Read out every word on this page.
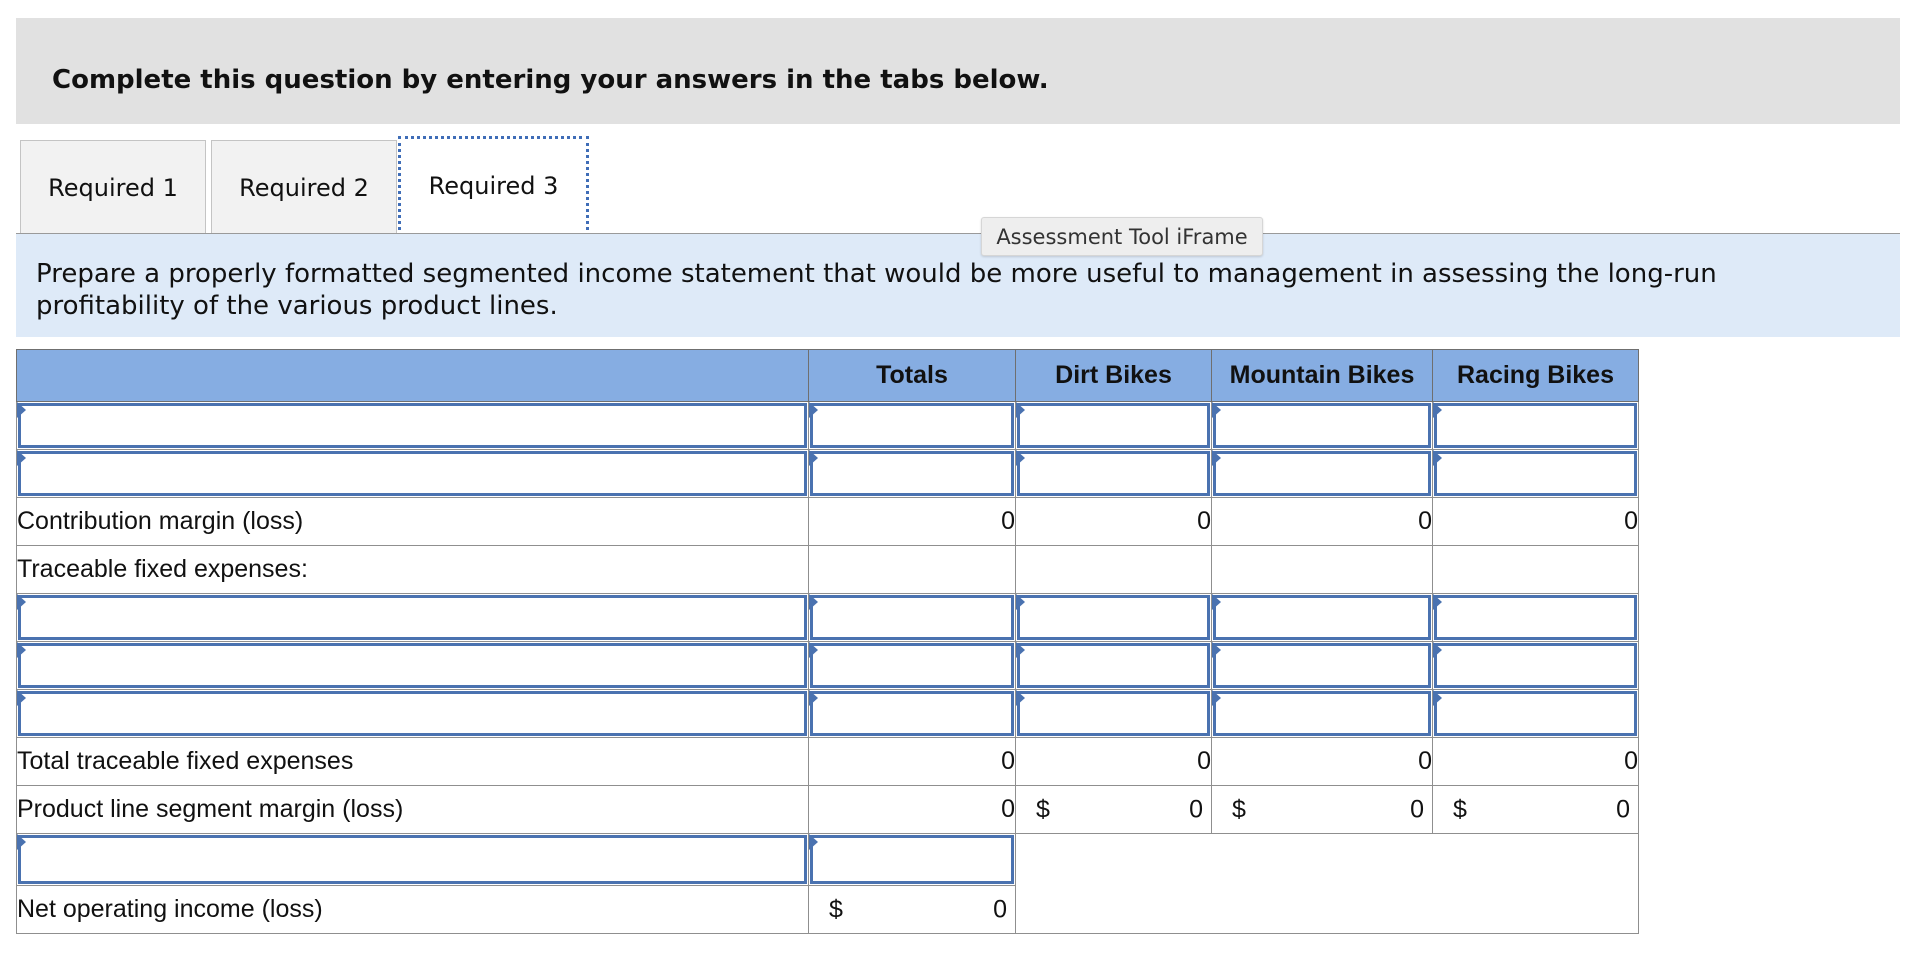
Complete this question by entering your answers in the tabs below.
Required 1	Required 2	Required 3

Prepare a properly formatted segmented income statement that would be more useful to management in assessing the long-run profitability of the various product lines.

Assessment Tool iFrame
	Totals	Dirt Bikes	Mountain Bikes	Racing Bikes

Contribution margin (loss)	0	0	0	0
Traceable fixed expenses:				

Total traceable fixed expenses	0	0	0	0
Product line segment margin (loss)	0	$ 0	$ 0	$ 0

Net operating income (loss)	$ 0			
